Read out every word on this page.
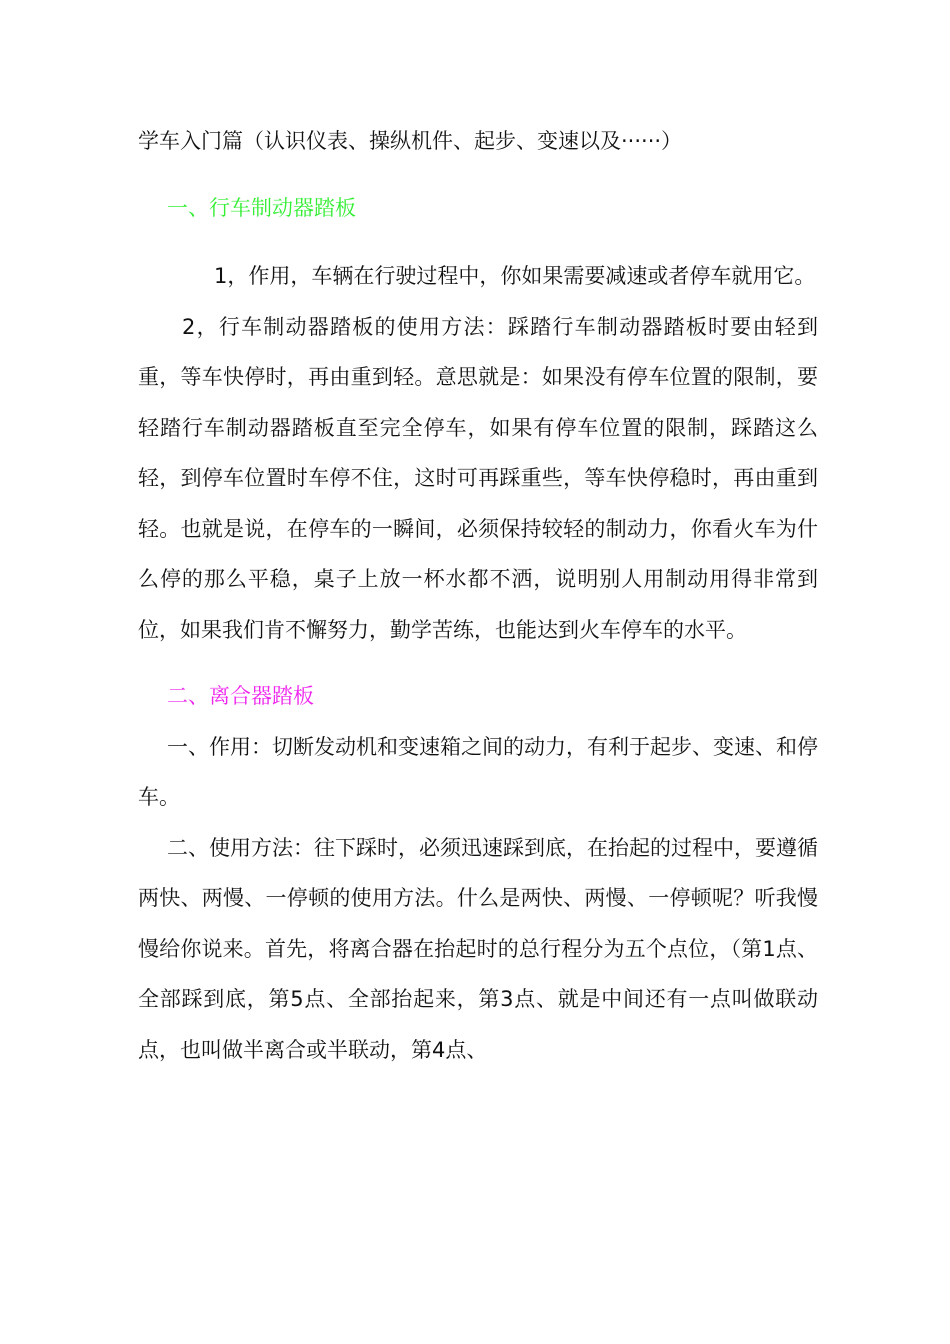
学车入门篇（认识仪表、操纵机件、起步、变速以及······）

一、行车制动器踏板

1，作用，车辆在行驶过程中，你如果需要减速或者停车就用它。

2，行车制动器踏板的使用方法：踩踏行车制动器踏板时要由轻到重，等车快停时，再由重到轻。意思就是：如果没有停车位置的限制，要轻踏行车制动器踏板直至完全停车，如果有停车位置的限制，踩踏这么轻，到停车位置时车停不住，这时可再踩重些，等车快停稳时，再由重到轻。也就是说，在停车的一瞬间，必须保持较轻的制动力，你看火车为什么停的那么平稳，桌子上放一杯水都不洒，说明别人用制动用得非常到位，如果我们肯不懈努力，勤学苦练，也能达到火车停车的水平。

二、离合器踏板

一、作用：切断发动机和变速箱之间的动力，有利于起步、变速、和停车。

二、使用方法：往下踩时，必须迅速踩到底，在抬起的过程中，要遵循两快、两慢、一停顿的使用方法。什么是两快、两慢、一停顿呢？听我慢慢给你说来。首先，将离合器在抬起时的总行程分为五个点位，（第1点、全部踩到底，第5点、全部抬起来，第3点、就是中间还有一点叫做联动点，也叫做半离合或半联动，第4点、
